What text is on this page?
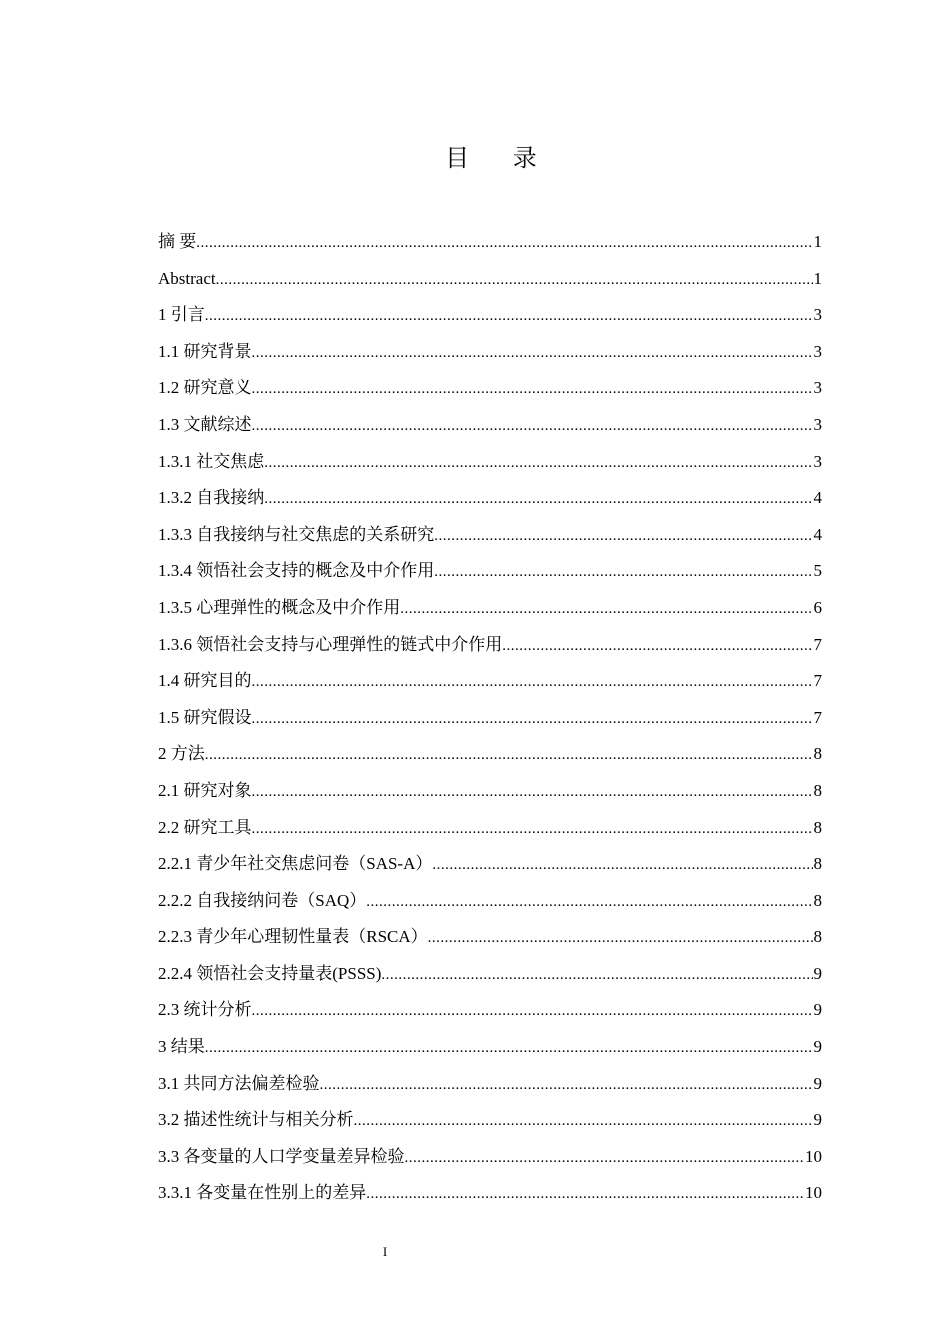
目 录
摘 要 .....	1
Abstract .....	1
1 引言 .....	3
1.1 研究背景 .....	3
1.2 研究意义 .....	3
1.3 文献综述 .....	3
1.3.1 社交焦虑 .....	3
1.3.2 自我接纳 .....	4
1.3.3 自我接纳与社交焦虑的关系研究 .....	4
1.3.4 领悟社会支持的概念及中介作用 .....	5
1.3.5 心理弹性的概念及中介作用 .....	6
1.3.6 领悟社会支持与心理弹性的链式中介作用 .....	7
1.4 研究目的 .....	7
1.5 研究假设 .....	7
2 方法 .....	8
2.1 研究对象 .....	8
2.2 研究工具 .....	8
2.2.1 青少年社交焦虑问卷（SAS-A） .....	8
2.2.2 自我接纳问卷（SAQ） .....	8
2.2.3 青少年心理韧性量表（RSCA） .....	8
2.2.4 领悟社会支持量表(PSSS) .....	9
2.3 统计分析 .....	9
3 结果 .....	9
3.1 共同方法偏差检验 .....	9
3.2 描述性统计与相关分析 .....	9
3.3 各变量的人口学变量差异检验 .....	10
3.3.1 各变量在性别上的差异 .....	10
I
